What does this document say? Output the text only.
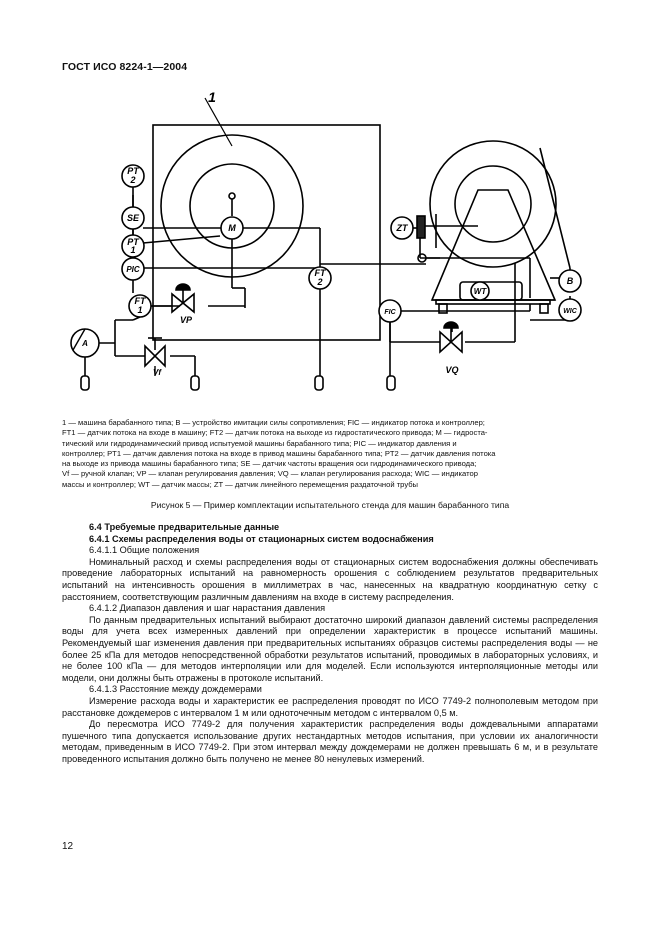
ГОСТ ИСО 8224-1—2004
1
PT
2
SE
PT
1
PIC
FT
1
VP
Vf
M
FT
2
ZT
WT
FIC
VQ
B
WIC
A
1 — машина барабанного типа; B — устройство имитации силы сопротивления; FIC — индикатор потока и контроллер;
FT1 — датчик потока на входе в машину; FT2 — датчик потока на выходе из гидростатического привода; M — гидроста-
тический или гидродинамический привод испытуемой машины барабанного типа; PIC — индикатор давления и
контроллер; PT1 — датчик давления потока на входе в привод машины барабанного типа; PT2 — датчик давления потока
на выходе из привода машины барабанного типа; SE — датчик частоты вращения оси гидродинамического привода;
Vf — ручной клапан; VP — клапан регулирования давления; VQ — клапан регулирования расхода; WIC — индикатор
массы и контроллер; WT — датчик массы; ZT — датчик линейного перемещения раздаточной трубы
Рисунок 5 — Пример комплектации испытательного стенда для машин барабанного типа

6.4 Требуемые предварительные данные

6.4.1 Схемы распределения воды от стационарных систем водоснабжения

6.4.1.1 Общие положения

Номинальный расход и схемы распределения воды от стационарных систем водоснабжения должны обеспечивать проведение лабораторных испытаний на равномерность орошения с соблюдением результатов предварительных испытаний на интенсивность орошения в миллиметрах в час, нанесенных на квадратную координатную сетку с расстоянием, соответствующим различным давлениям на входе в систему распределения.

6.4.1.2 Диапазон давления и шаг нарастания давления

По данным предварительных испытаний выбирают достаточно широкий диапазон давлений системы распределения воды для учета всех измеренных давлений при определении характеристик в процессе испытаний машины. Рекомендуемый шаг изменения давления при предварительных испытаниях образцов системы распределения воды — не более 25 кПа для методов непосредственной обработки результатов испытаний, проводимых в лабораторных условиях, и не более 100 кПа — для методов интерполяции или для моделей. Если используются интерполяционные методы или модели, они должны быть отражены в протоколе испытаний.

6.4.1.3 Расстояние между дождемерами

Измерение расхода воды и характеристик ее распределения проводят по ИСО 7749-2 полнополевым методом при расстановке дождемеров с интервалом 1 м или одноточечным методом с интервалом 0,5 м.

До пересмотра ИСО 7749-2 для получения характеристик распределения воды дождевальными аппаратами пушечного типа допускается использование других нестандартных методов испытания, при условии их аналогичности методам, приведенным в ИСО 7749-2. При этом интервал между дождемерами не должен превышать 6 м, и в результате проведенного испытания должно быть получено не менее 80 ненулевых измерений.

12
